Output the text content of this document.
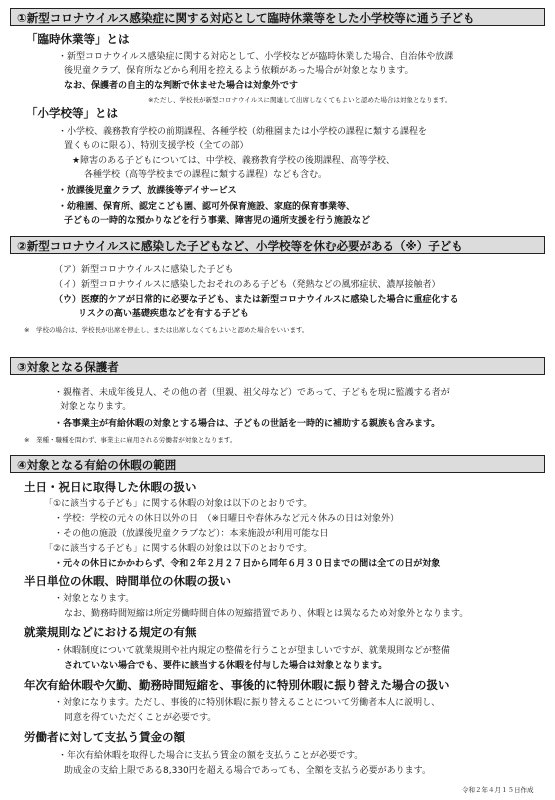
①新型コロナウイルス感染症に関する対応として臨時休業等をした小学校等に通う子ども
「臨時休業等」とは
・新型コロナウイルス感染症に関する対応として、小学校などが臨時休業した場合、自治体や放課
後児童クラブ、保育所などから利用を控えるよう依頼があった場合が対象となります。
なお、保護者の自主的な判断で休ませた場合は対象外です
※ただし、学校長が新型コロナウイルスに関連して出席しなくてもよいと認めた場合は対象となります。
「小学校等」とは
・小学校、義務教育学校の前期課程、各種学校（幼稚園または小学校の課程に類する課程を
置くものに限る）、特別支援学校（全ての部）
★障害のある子どもについては、中学校、義務教育学校の後期課程、高等学校、
各種学校（高等学校までの課程に類する課程）なども含む。
・放課後児童クラブ、放課後等デイサービス
・幼稚園、保育所、認定こども園、認可外保育施設、家庭的保育事業等、
子どもの一時的な預かりなどを行う事業、障害児の通所支援を行う施設など
②新型コロナウイルスに感染した子どもなど、小学校等を休む必要がある（※）子ども
（ア）新型コロナウイルスに感染した子ども
（イ）新型コロナウイルスに感染したおそれのある子ども（発熱などの風邪症状、濃厚接触者）
（ウ）医療的ケアが日常的に必要な子ども、または新型コロナウイルスに感染した場合に重症化する
リスクの高い基礎疾患などを有する子ども
※　学校の場合は、学校長が出席を停止し、または出席しなくてもよいと認めた場合をいいます。
③対象となる保護者
・親権者、未成年後見人、その他の者（里親、祖父母など）であって、子どもを現に監護する者が
対象となります。
・各事業主が有給休暇の対象とする場合は、子どもの世話を一時的に補助する親族も含みます。
※　業種・職種を問わず、事業主に雇用される労働者が対象となります。
④対象となる有給の休暇の範囲
土日・祝日に取得した休暇の扱い
「①に該当する子ども」に関する休暇の対象は以下のとおりです。
・学校：学校の元々の休日以外の日　（※日曜日や春休みなど元々休みの日は対象外）
・その他の施設（放課後児童クラブなど）：本来施設が利用可能な日
「②に該当する子ども」に関する休暇の対象は以下のとおりです。
・元々の休日にかかわらず、令和２年２月２７日から同年６月３０日までの間は全ての日が対象
半日単位の休暇、時間単位の休暇の扱い
・対象となります。
なお、勤務時間短縮は所定労働時間自体の短縮措置であり、休暇とは異なるため対象外となります。
就業規則などにおける規定の有無
・休暇制度について就業規則や社内規定の整備を行うことが望ましいですが、就業規則などが整備
されていない場合でも、要件に該当する休暇を付与した場合は対象となります。
年次有給休暇や欠勤、勤務時間短縮を、事後的に特別休暇に振り替えた場合の扱い
・対象になります。ただし、事後的に特別休暇に振り替えることについて労働者本人に説明し、
同意を得ていただくことが必要です。
労働者に対して支払う賃金の額
・年次有給休暇を取得した場合に支払う賃金の額を支払うことが必要です。
助成金の支給上限である8,330円を超える場合であっても、全額を支払う必要があります。
令和２年４月１５日作成
